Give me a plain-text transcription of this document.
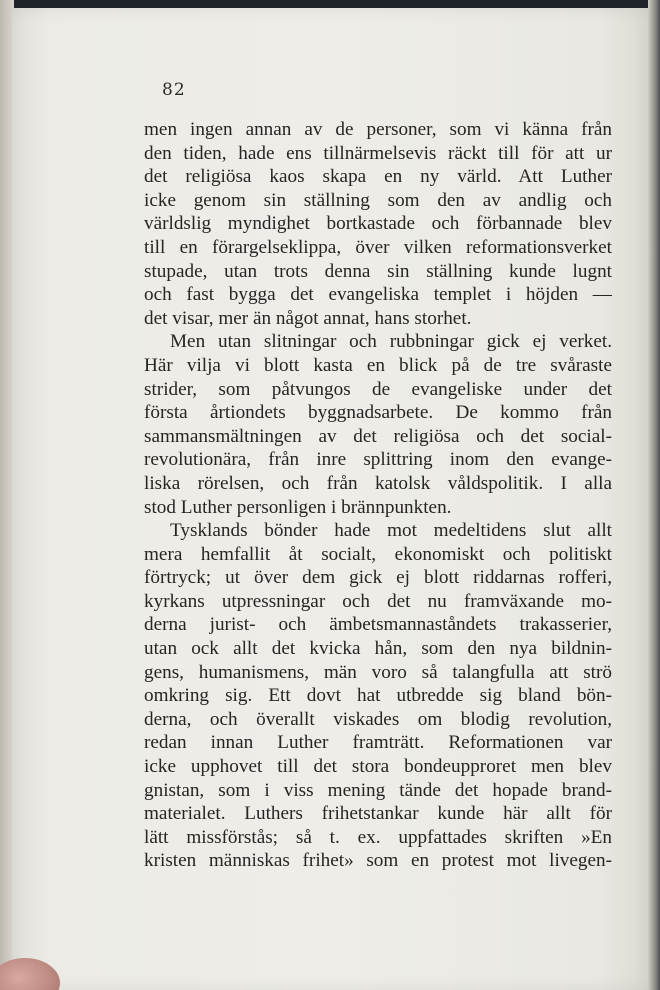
82
men ingen annan av de personer, som vi känna från
den tiden, hade ens tillnärmelsevis räckt till för att ur
det religiösa kaos skapa en ny värld. Att Luther
icke genom sin ställning som den av andlig och
världslig myndighet bortkastade och förbannade blev
till en förargelseklippa, över vilken reformationsverket
stupade, utan trots denna sin ställning kunde lugnt
och fast bygga det evangeliska templet i höjden —
det visar, mer än något annat, hans storhet.
Men utan slitningar och rubbningar gick ej verket.
Här vilja vi blott kasta en blick på de tre svåraste
strider, som påtvungos de evangeliske under det
första årtiondets byggnadsarbete. De kommo från
sammansmältningen av det religiösa och det social-
revolutionära, från inre splittring inom den evange-
liska rörelsen, och från katolsk våldspolitik. I alla
stod Luther personligen i brännpunkten.
Tysklands bönder hade mot medeltidens slut allt
mera hemfallit åt socialt, ekonomiskt och politiskt
förtryck; ut över dem gick ej blott riddarnas rofferi,
kyrkans utpressningar och det nu framväxande mo-
derna jurist- och ämbetsmannaståndets trakasserier,
utan ock allt det kvicka hån, som den nya bildnin-
gens, humanismens, män voro så talangfulla att strö
omkring sig. Ett dovt hat utbredde sig bland bön-
derna, och överallt viskades om blodig revolution,
redan innan Luther framträtt. Reformationen var
icke upphovet till det stora bondeupproret men blev
gnistan, som i viss mening tände det hopade brand-
materialet. Luthers frihetstankar kunde här allt för
lätt missförstås; så t. ex. uppfattades skriften »En
kristen människas frihet» som en protest mot livegen-
